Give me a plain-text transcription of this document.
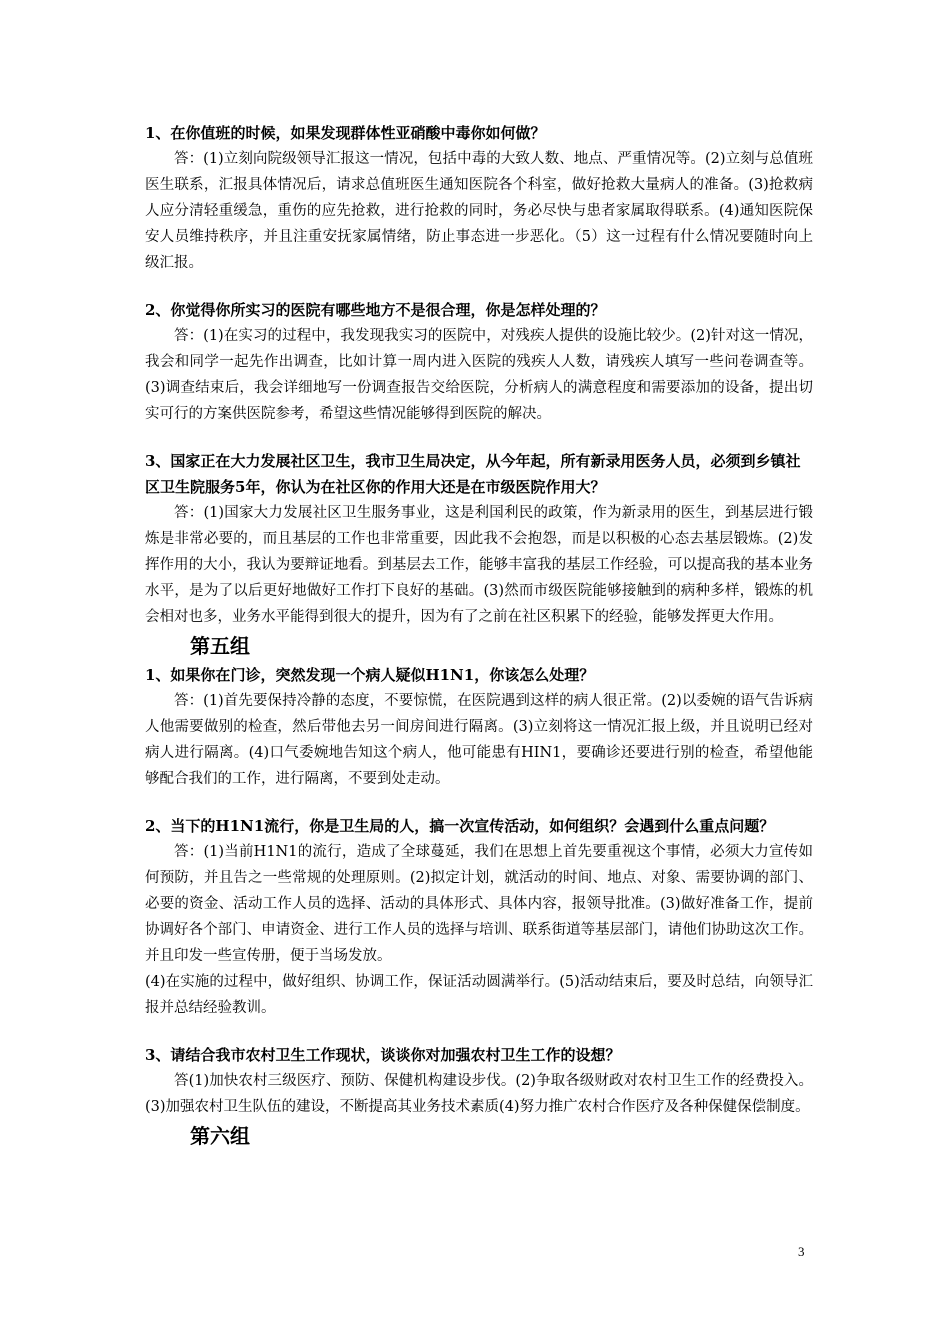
1、在你值班的时候，如果发现群体性亚硝酸中毒你如何做？

答：(1)立刻向院级领导汇报这一情况，包括中毒的大致人数、地点、严重情况等。(2)立刻与总值班医生联系，汇报具体情况后，请求总值班医生通知医院各个科室，做好抢救大量病人的准备。(3)抢救病人应分清轻重缓急，重伤的应先抢救，进行抢救的同时，务必尽快与患者家属取得联系。(4)通知医院保安人员维持秩序，并且注重安抚家属情绪，防止事态进一步恶化。（5）这一过程有什么情况要随时向上级汇报。

2、你觉得你所实习的医院有哪些地方不是很合理，你是怎样处理的？

答：(1)在实习的过程中，我发现我实习的医院中，对残疾人提供的设施比较少。(2)针对这一情况，我会和同学一起先作出调查，比如计算一周内进入医院的残疾人人数，请残疾人填写一些问卷调查等。(3)调查结束后，我会详细地写一份调查报告交给医院，分析病人的满意程度和需要添加的设备，提出切实可行的方案供医院参考，希望这些情况能够得到医院的解决。

3、国家正在大力发展社区卫生，我市卫生局决定，从今年起，所有新录用医务人员，必须到乡镇社区卫生院服务5年，你认为在社区你的作用大还是在市级医院作用大？

答：(1)国家大力发展社区卫生服务事业，这是利国利民的政策，作为新录用的医生，到基层进行锻炼是非常必要的，而且基层的工作也非常重要，因此我不会抱怨，而是以积极的心态去基层锻炼。(2)发挥作用的大小，我认为要辩证地看。到基层去工作，能够丰富我的基层工作经验，可以提高我的基本业务水平，是为了以后更好地做好工作打下良好的基础。(3)然而市级医院能够接触到的病种多样，锻炼的机会相对也多，业务水平能得到很大的提升，因为有了之前在社区积累下的经验，能够发挥更大作用。

第五组

1、如果你在门诊，突然发现一个病人疑似H1N1，你该怎么处理？

答：(1)首先要保持冷静的态度，不要惊慌，在医院遇到这样的病人很正常。(2)以委婉的语气告诉病人他需要做别的检查，然后带他去另一间房间进行隔离。(3)立刻将这一情况汇报上级，并且说明已经对病人进行隔离。(4)口气委婉地告知这个病人，他可能患有HIN1，要确诊还要进行别的检查，希望他能够配合我们的工作，进行隔离，不要到处走动。

2、当下的H1N1流行，你是卫生局的人，搞一次宣传活动，如何组织？会遇到什么重点问题？

答：(1)当前H1N1的流行，造成了全球蔓延，我们在思想上首先要重视这个事情，必须大力宣传如何预防，并且告之一些常规的处理原则。(2)拟定计划，就活动的时间、地点、对象、需要协调的部门、必要的资金、活动工作人员的选择、活动的具体形式、具体内容，报领导批准。(3)做好准备工作，提前协调好各个部门、申请资金、进行工作人员的选择与培训、联系街道等基层部门，请他们协助这次工作。并且印发一些宣传册，便于当场发放。

(4)在实施的过程中，做好组织、协调工作，保证活动圆满举行。(5)活动结束后，要及时总结，向领导汇报并总结经验教训。

3、请结合我市农村卫生工作现状，谈谈你对加强农村卫生工作的设想？

答(1)加快农村三级医疗、预防、保健机构建设步伐。(2)争取各级财政对农村卫生工作的经费投入。(3)加强农村卫生队伍的建设，不断提高其业务技术素质(4)努力推广农村合作医疗及各种保健保偿制度。

第六组

3
